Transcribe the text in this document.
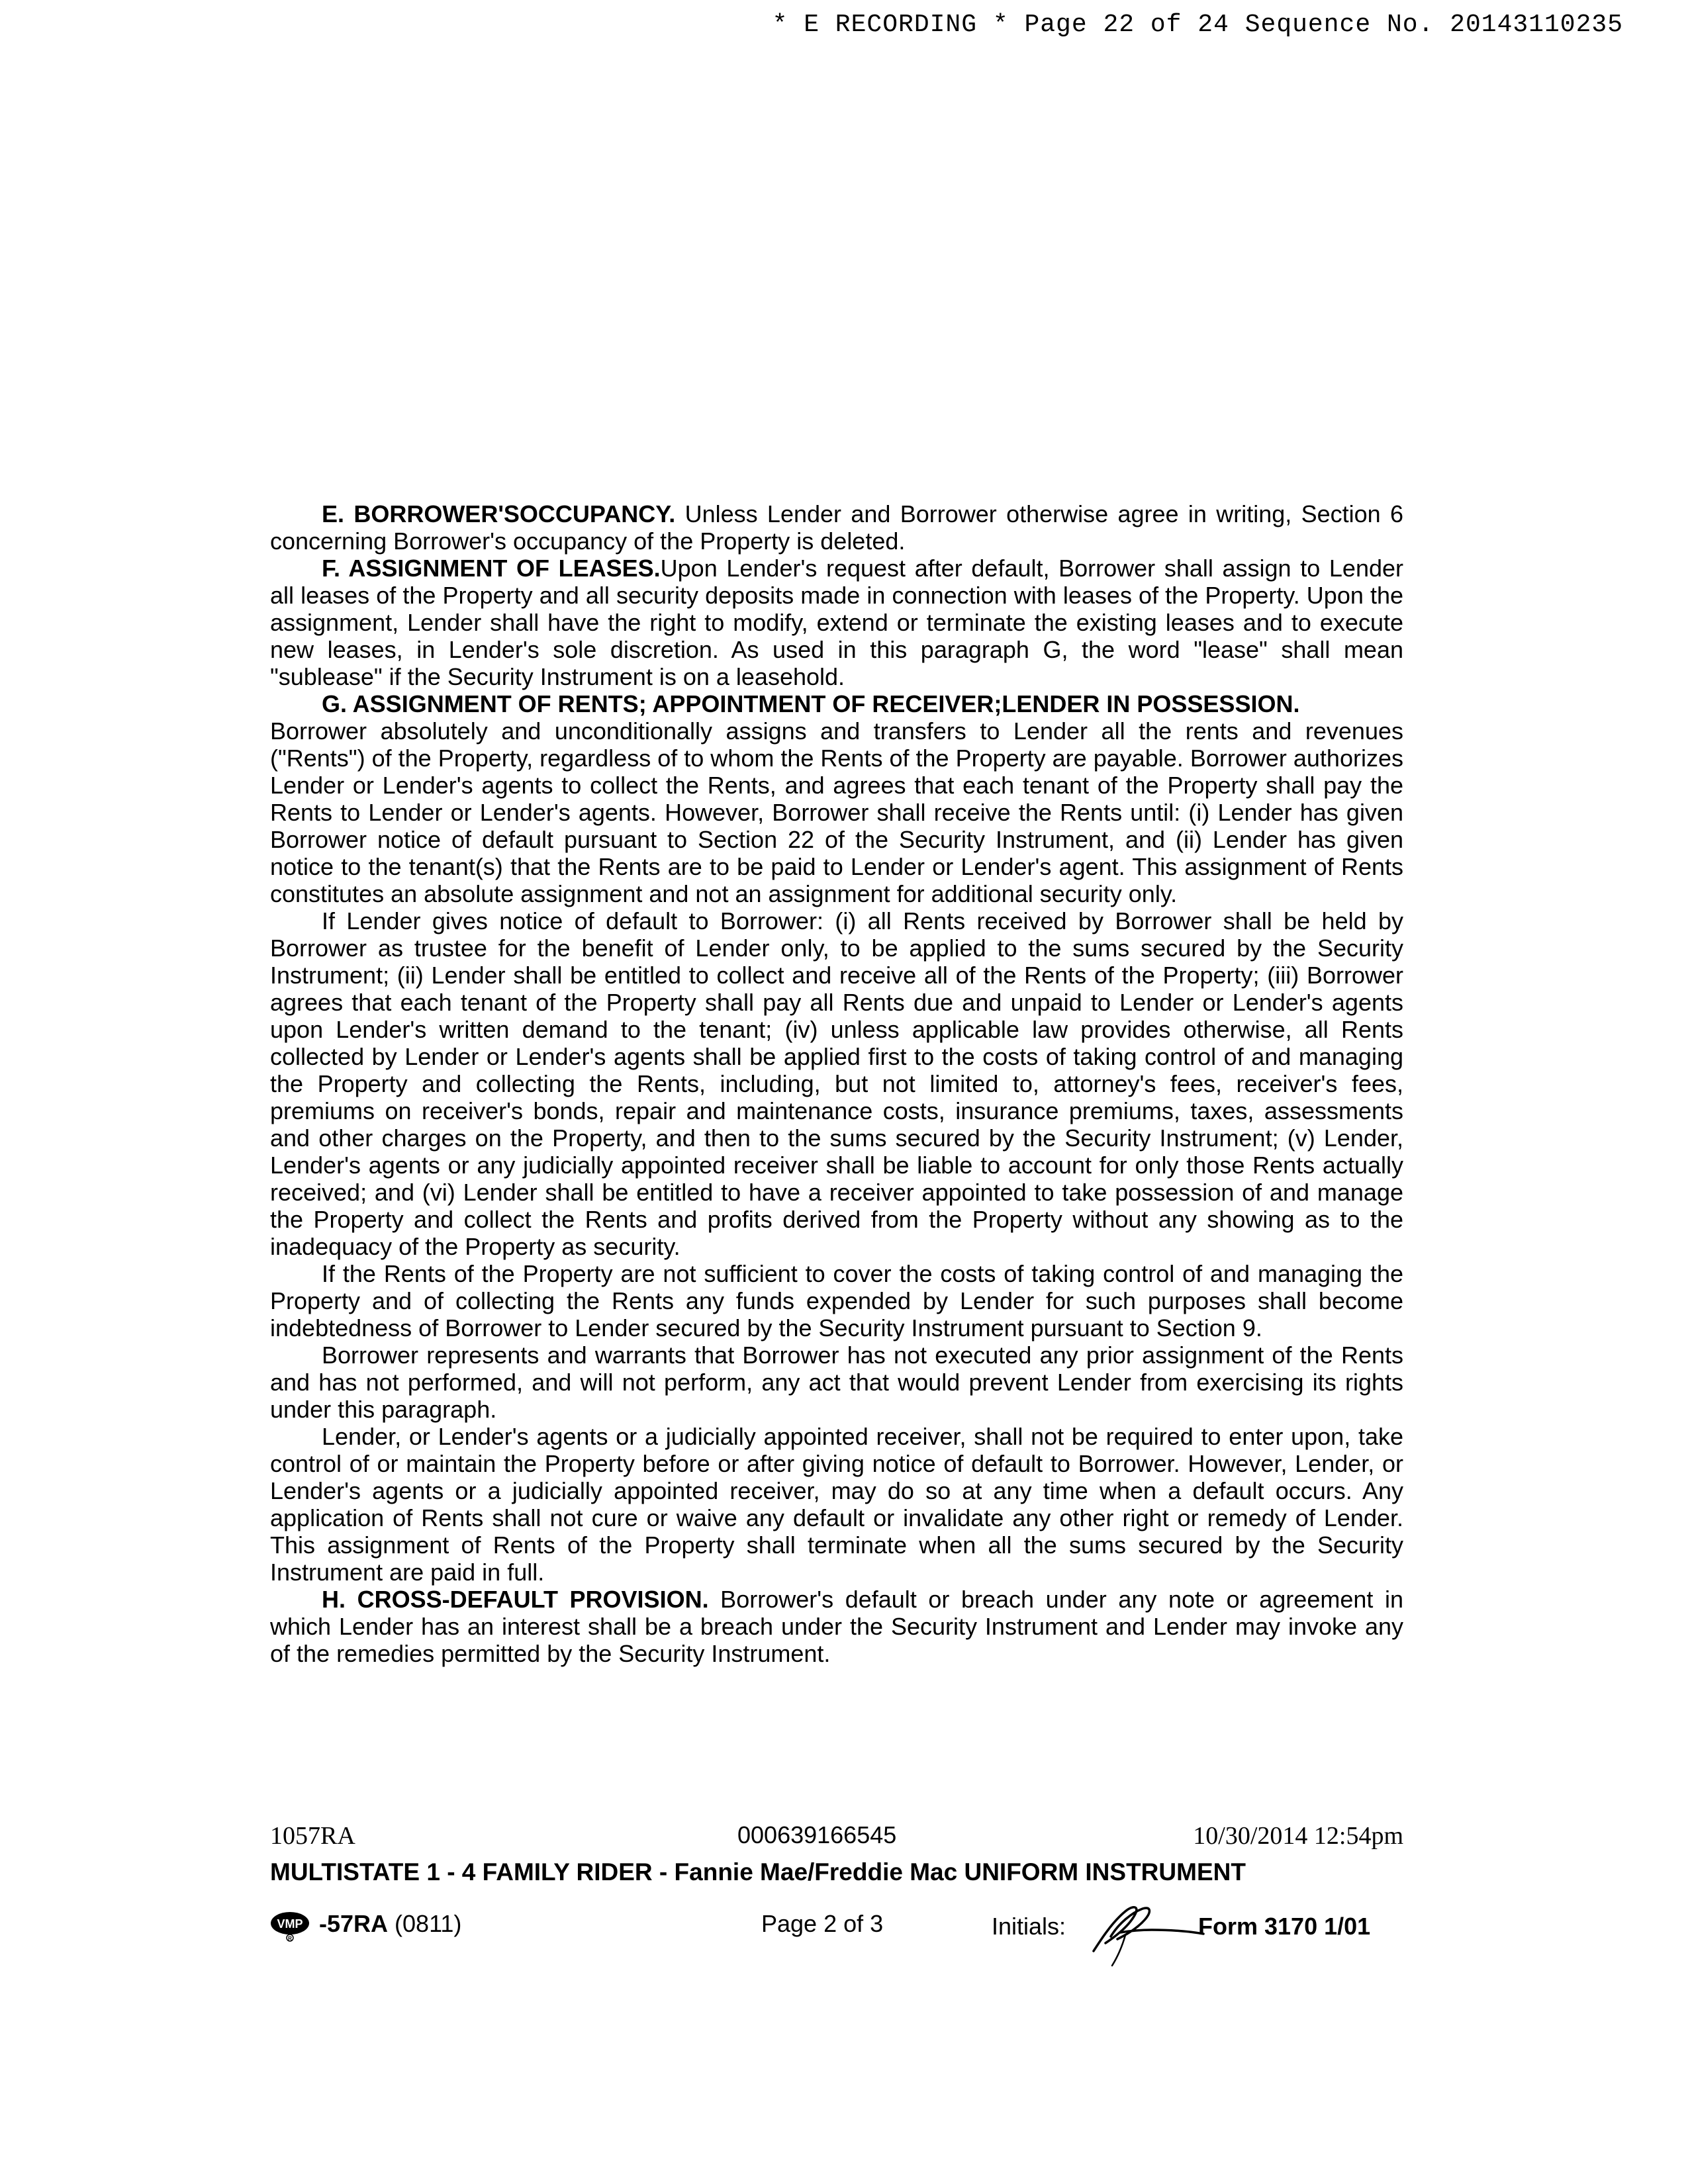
* E RECORDING * Page 22 of 24 Sequence No. 20143110235

E. BORROWER'SOCCUPANCY. Unless Lender and Borrower otherwise agree in writing, Section 6 concerning Borrower's occupancy of the Property is deleted.

F. ASSIGNMENT OF LEASES.Upon Lender's request after default, Borrower shall assign to Lender all leases of the Property and all security deposits made in connection with leases of the Property. Upon the assignment, Lender shall have the right to modify, extend or terminate the existing leases and to execute new leases, in Lender's sole discretion. As used in this paragraph G, the word "lease" shall mean "sublease" if the Security Instrument is on a leasehold.

G. ASSIGNMENT OF RENTS; APPOINTMENT OF RECEIVER;LENDER IN POSSESSION.

Borrower absolutely and unconditionally assigns and transfers to Lender all the rents and revenues ("Rents") of the Property, regardless of to whom the Rents of the Property are payable. Borrower authorizes Lender or Lender's agents to collect the Rents, and agrees that each tenant of the Property shall pay the Rents to Lender or Lender's agents. However, Borrower shall receive the Rents until: (i) Lender has given Borrower notice of default pursuant to Section 22 of the Security Instrument, and (ii) Lender has given notice to the tenant(s) that the Rents are to be paid to Lender or Lender's agent. This assignment of Rents constitutes an absolute assignment and not an assignment for additional security only.

If Lender gives notice of default to Borrower: (i) all Rents received by Borrower shall be held by Borrower as trustee for the benefit of Lender only, to be applied to the sums secured by the Security Instrument; (ii) Lender shall be entitled to collect and receive all of the Rents of the Property; (iii) Borrower agrees that each tenant of the Property shall pay all Rents due and unpaid to Lender or Lender's agents upon Lender's written demand to the tenant; (iv) unless applicable law provides otherwise, all Rents collected by Lender or Lender's agents shall be applied first to the costs of taking control of and managing the Property and collecting the Rents, including, but not limited to, attorney's fees, receiver's fees, premiums on receiver's bonds, repair and maintenance costs, insurance premiums, taxes, assessments and other charges on the Property, and then to the sums secured by the Security Instrument; (v) Lender, Lender's agents or any judicially appointed receiver shall be liable to account for only those Rents actually received; and (vi) Lender shall be entitled to have a receiver appointed to take possession of and manage the Property and collect the Rents and profits derived from the Property without any showing as to the inadequacy of the Property as security.

If the Rents of the Property are not sufficient to cover the costs of taking control of and managing the Property and of collecting the Rents any funds expended by Lender for such purposes shall become indebtedness of Borrower to Lender secured by the Security Instrument pursuant to Section 9.

Borrower represents and warrants that Borrower has not executed any prior assignment of the Rents and has not performed, and will not perform, any act that would prevent Lender from exercising its rights under this paragraph.

Lender, or Lender's agents or a judicially appointed receiver, shall not be required to enter upon, take control of or maintain the Property before or after giving notice of default to Borrower. However, Lender, or Lender's agents or a judicially appointed receiver, may do so at any time when a default occurs. Any application of Rents shall not cure or waive any default or invalidate any other right or remedy of Lender. This assignment of Rents of the Property shall terminate when all the sums secured by the Security Instrument are paid in full.

H. CROSS-DEFAULT PROVISION. Borrower's default or breach under any note or agreement in which Lender has an interest shall be a breach under the Security Instrument and Lender may invoke any of the remedies permitted by the Security Instrument.

1057RA	000639166545	10/30/2014 12:54pm
MULTISTATE 1 - 4 FAMILY RIDER - Fannie Mae/Freddie Mac UNIFORM INSTRUMENT
VMP
R
-57RA (0811)	Page 2 of 3	Initials:	Form 3170 1/01
